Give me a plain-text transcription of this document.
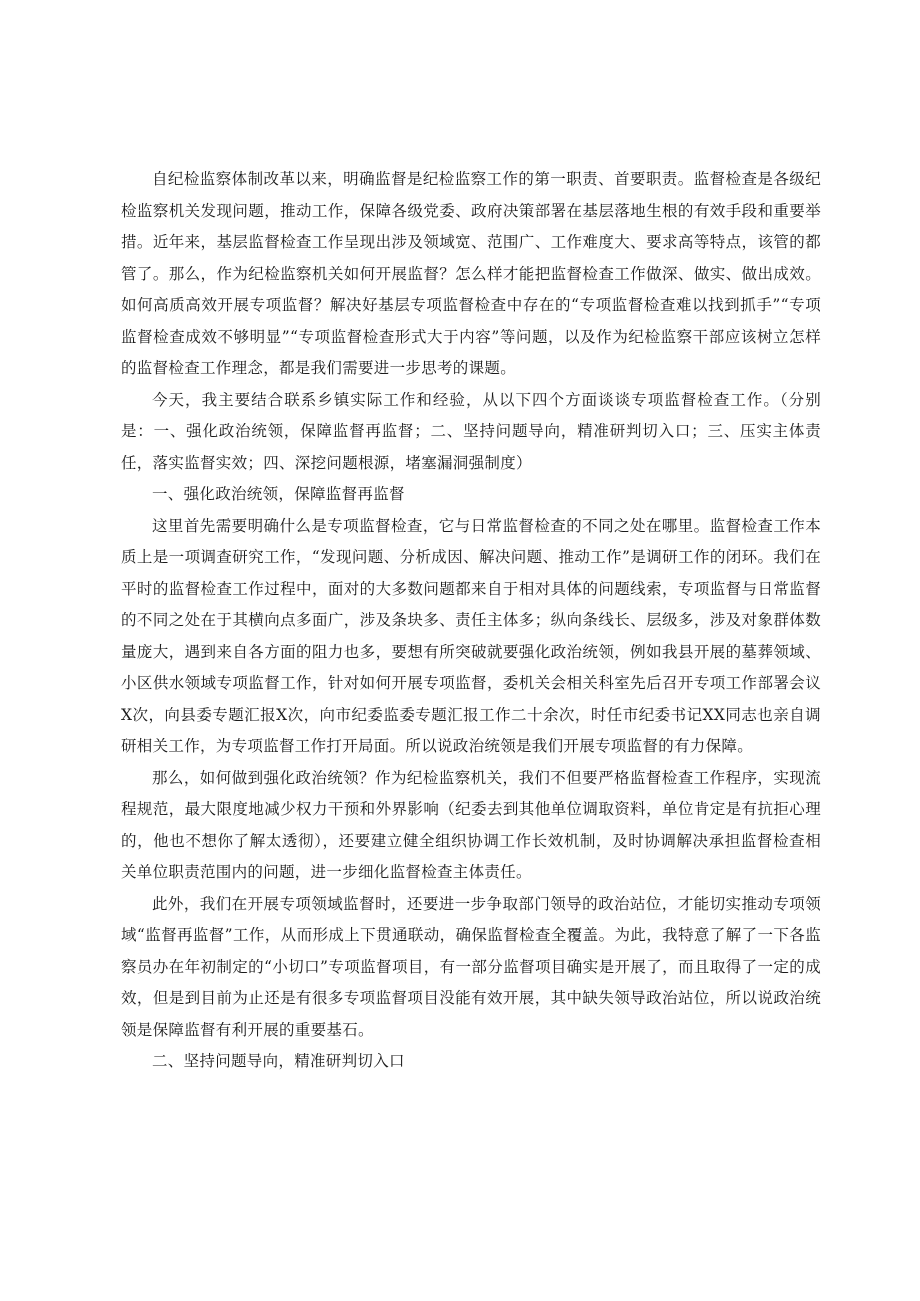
自纪检监察体制改革以来，明确监督是纪检监察工作的第一职责、首要职责。监督检查是各级纪检监察机关发现问题，推动工作，保障各级党委、政府决策部署在基层落地生根的有效手段和重要举措。近年来，基层监督检查工作呈现出涉及领域宽、范围广、工作难度大、要求高等特点，该管的都管了。那么，作为纪检监察机关如何开展监督？怎么样才能把监督检查工作做深、做实、做出成效。如何高质高效开展专项监督？解决好基层专项监督检查中存在的“专项监督检查难以找到抓手”“专项监督检查成效不够明显”“专项监督检查形式大于内容”等问题，以及作为纪检监察干部应该树立怎样的监督检查工作理念，都是我们需要进一步思考的课题。

今天，我主要结合联系乡镇实际工作和经验，从以下四个方面谈谈专项监督检查工作。（分别是：一、强化政治统领，保障监督再监督；二、坚持问题导向，精准研判切入口；三、压实主体责任，落实监督实效；四、深挖问题根源，堵塞漏洞强制度）

一、强化政治统领，保障监督再监督

这里首先需要明确什么是专项监督检查，它与日常监督检查的不同之处在哪里。监督检查工作本质上是一项调查研究工作，“发现问题、分析成因、解决问题、推动工作”是调研工作的闭环。我们在平时的监督检查工作过程中，面对的大多数问题都来自于相对具体的问题线索，专项监督与日常监督的不同之处在于其横向点多面广，涉及条块多、责任主体多；纵向条线长、层级多，涉及对象群体数量庞大，遇到来自各方面的阻力也多，要想有所突破就要强化政治统领，例如我县开展的墓葬领域、小区供水领域专项监督工作，针对如何开展专项监督，委机关会相关科室先后召开专项工作部署会议X次，向县委专题汇报X次，向市纪委监委专题汇报工作二十余次，时任市纪委书记XX同志也亲自调研相关工作，为专项监督工作打开局面。所以说政治统领是我们开展专项监督的有力保障。

那么，如何做到强化政治统领？作为纪检监察机关，我们不但要严格监督检查工作程序，实现流程规范，最大限度地减少权力干预和外界影响（纪委去到其他单位调取资料，单位肯定是有抗拒心理的，他也不想你了解太透彻），还要建立健全组织协调工作长效机制，及时协调解决承担监督检查相关单位职责范围内的问题，进一步细化监督检查主体责任。

此外，我们在开展专项领域监督时，还要进一步争取部门领导的政治站位，才能切实推动专项领域“监督再监督”工作，从而形成上下贯通联动，确保监督检查全覆盖。为此，我特意了解了一下各监察员办在年初制定的“小切口”专项监督项目，有一部分监督项目确实是开展了，而且取得了一定的成效，但是到目前为止还是有很多专项监督项目没能有效开展，其中缺失领导政治站位，所以说政治统领是保障监督有利开展的重要基石。

二、坚持问题导向，精准研判切入口
